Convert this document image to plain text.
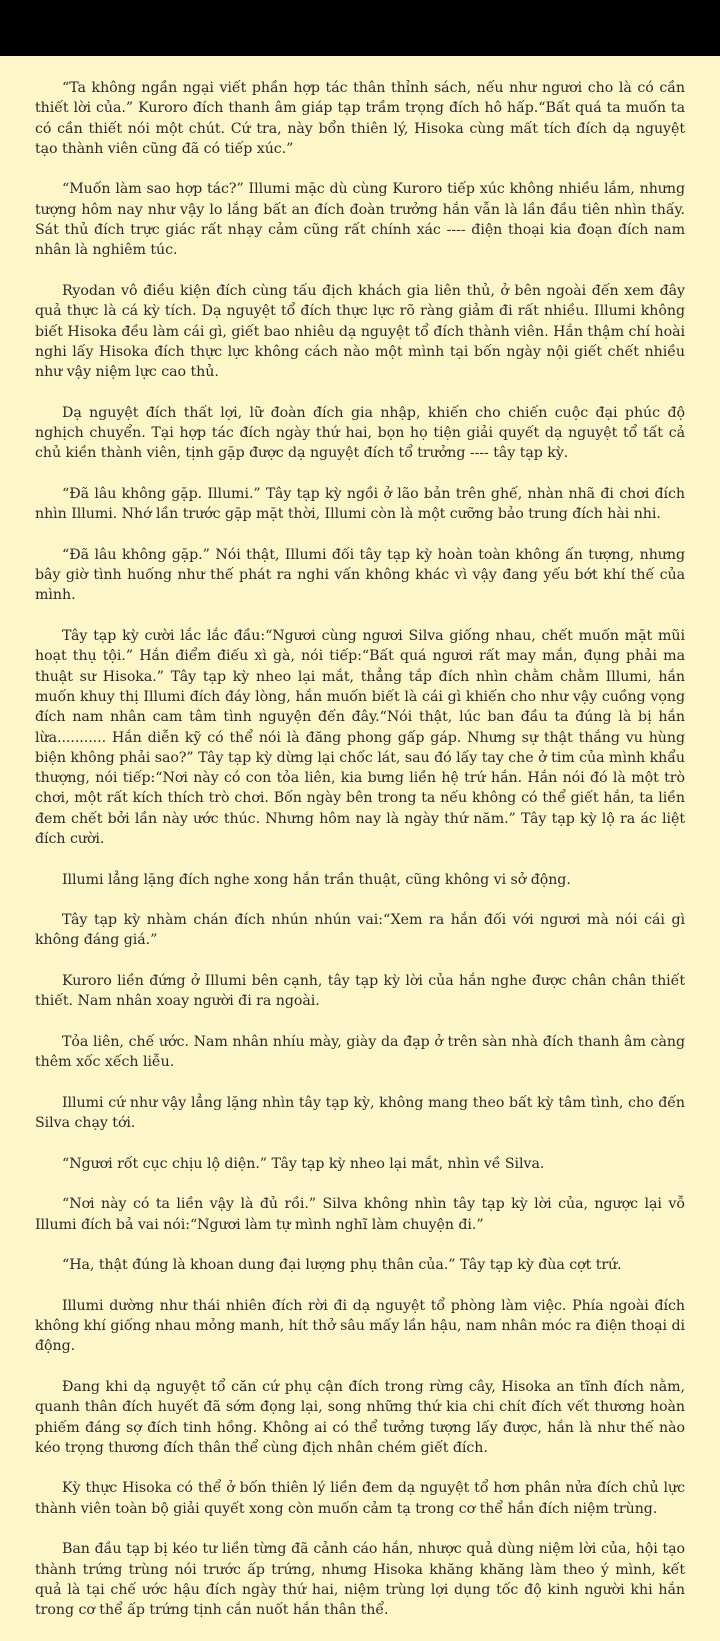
“Ta không ngần ngại viết phần hợp tác thân thỉnh sách, nếu như ngươi cho là có cần thiết lời của.” Kuroro đích thanh âm giáp tạp trầm trọng đích hô hấp.“Bất quá ta muốn ta có cần thiết nói một chút. Cứ tra, này bổn thiên lý, Hisoka cùng mất tích đích dạ nguyệt tạo thành viên cũng đã có tiếp xúc.”

“Muốn làm sao hợp tác?” Illumi mặc dù cùng Kuroro tiếp xúc không nhiều lắm, nhưng tượng hôm nay như vậy lo lắng bất an đích đoàn trưởng hắn vẫn là lần đầu tiên nhìn thấy. Sát thủ đích trực giác rất nhạy cảm cũng rất chính xác ---- điện thoại kia đoạn đích nam nhân là nghiêm túc.

Ryodan vô điều kiện đích cùng tấu địch khách gia liên thủ, ở bên ngoài đến xem đây quả thực là cá kỳ tích. Dạ nguyệt tổ đích thực lực rõ ràng giảm đi rất nhiều. Illumi không biết Hisoka đều làm cái gì, giết bao nhiêu dạ nguyệt tổ đích thành viên. Hắn thậm chí hoài nghi lấy Hisoka đích thực lực không cách nào một mình tại bốn ngày nội giết chết nhiều như vậy niệm lực cao thủ.

Dạ nguyệt đích thất lợi, lữ đoàn đích gia nhập, khiến cho chiến cuộc đại phúc độ nghịch chuyển. Tại hợp tác đích ngày thứ hai, bọn họ tiện giải quyết dạ nguyệt tổ tất cả chủ kiền thành viên, tịnh gặp được dạ nguyệt đích tổ trưởng ---- tây tạp kỳ.

“Đã lâu không gặp. Illumi.” Tây tạp kỳ ngồi ở lão bản trên ghế, nhàn nhã đi chơi đích nhìn Illumi. Nhớ lần trước gặp mặt thời, Illumi còn là một cưỡng bảo trung đích hài nhi.

“Đã lâu không gặp.” Nói thật, Illumi đối tây tạp kỳ hoàn toàn không ấn tượng, nhưng bây giờ tình huống như thế phát ra nghi vấn không khác vì vậy đang yếu bớt khí thế của mình.

Tây tạp kỳ cười lắc lắc đầu:“Ngươi cùng ngươi Silva giống nhau, chết muốn mặt mũi hoạt thụ tội.” Hắn điểm điếu xì gà, nói tiếp:“Bất quá ngươi rất may mắn, đụng phải ma thuật sư Hisoka.” Tây tạp kỳ nheo lại mắt, thẳng tắp đích nhìn chằm chằm Illumi, hắn muốn khuy thị Illumi đích đáy lòng, hắn muốn biết là cái gì khiến cho như vậy cuồng vọng đích nam nhân cam tâm tình nguyện đến đây.“Nói thật, lúc ban đầu ta đúng là bị hắn lừa........... Hắn diễn kỹ có thể nói là đăng phong gấp gáp. Nhưng sự thật thắng vu hùng biện không phải sao?” Tây tạp kỳ dừng lại chốc lát, sau đó lấy tay che ở tim của mình khẩu thượng, nói tiếp:“Nơi này có con tỏa liên, kia bưng liền hệ trứ hắn. Hắn nói đó là một trò chơi, một rất kích thích trò chơi. Bốn ngày bên trong ta nếu không có thể giết hắn, ta liền đem chết bởi lần này ước thúc. Nhưng hôm nay là ngày thứ năm.” Tây tạp kỳ lộ ra ác liệt đích cười.

Illumi lẳng lặng đích nghe xong hắn trần thuật, cũng không vi sở động.

Tây tạp kỳ nhàm chán đích nhún nhún vai:“Xem ra hắn đối với ngươi mà nói cái gì không đáng giá.”

Kuroro liền đứng ở Illumi bên cạnh, tây tạp kỳ lời của hắn nghe được chân chân thiết thiết. Nam nhân xoay người đi ra ngoài.

Tỏa liên, chế ước. Nam nhân nhíu mày, giày da đạp ở trên sàn nhà đích thanh âm càng thêm xốc xếch liễu.

Illumi cứ như vậy lẳng lặng nhìn tây tạp kỳ, không mang theo bất kỳ tâm tình, cho đến Silva chạy tới.

“Ngươi rốt cục chịu lộ diện.” Tây tạp kỳ nheo lại mắt, nhìn về Silva.

“Nơi này có ta liền vậy là đủ rồi.” Silva không nhìn tây tạp kỳ lời của, ngược lại vỗ Illumi đích bả vai nói:“Ngươi làm tự mình nghĩ làm chuyện đi.”

“Ha, thật đúng là khoan dung đại lượng phụ thân của.” Tây tạp kỳ đùa cợt trứ.

Illumi dường như thái nhiên đích rời đi dạ nguyệt tổ phòng làm việc. Phía ngoài đích không khí giống nhau mỏng manh, hít thở sâu mấy lần hậu, nam nhân móc ra điện thoại di động.

Đang khi dạ nguyệt tổ căn cứ phụ cận đích trong rừng cây, Hisoka an tĩnh đích nằm, quanh thân đích huyết đã sớm đọng lại, song những thứ kia chi chít đích vết thương hoàn phiếm đáng sợ đích tinh hồng. Không ai có thể tưởng tượng lấy được, hắn là như thế nào kéo trọng thương đích thân thể cùng địch nhân chém giết đích.

Kỳ thực Hisoka có thể ở bốn thiên lý liền đem dạ nguyệt tổ hơn phân nửa đích chủ lực thành viên toàn bộ giải quyết xong còn muốn cảm tạ trong cơ thể hắn đích niệm trùng.

Ban đầu tạp bị kéo tư liền từng đã cảnh cáo hắn, nhược quả dùng niệm lời của, hội tạo thành trứng trùng nói trước ấp trứng, nhưng Hisoka khăng khăng làm theo ý mình, kết quả là tại chế ước hậu đích ngày thứ hai, niệm trùng lợi dụng tốc độ kinh người khi hắn trong cơ thể ấp trứng tịnh cắn nuốt hắn thân thể.
